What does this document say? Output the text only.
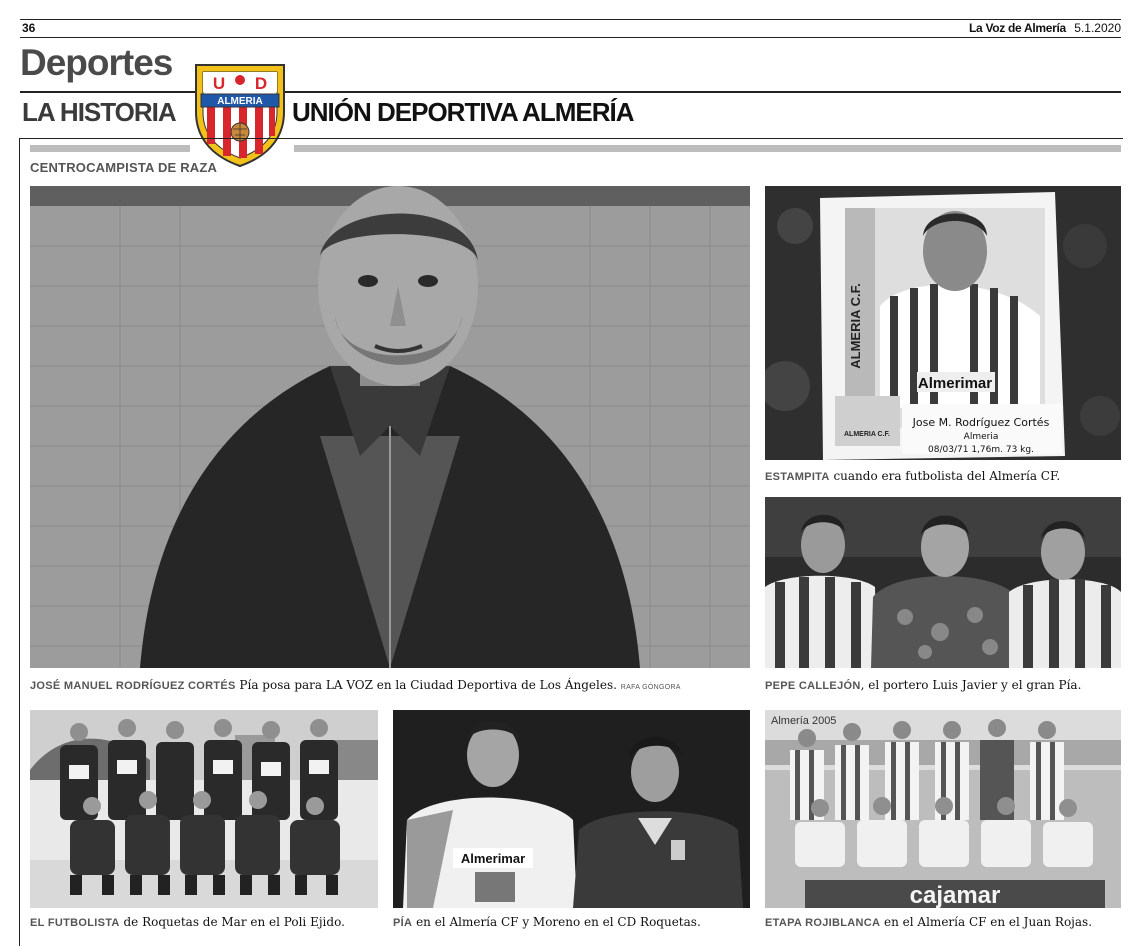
36	La Voz de Almería 5.1.2020
Deportes
LA HISTORIA	UNIÓN DEPORTIVA ALMERÍA
ALMERIA
U D
CENTROCAMPISTA DE RAZA
JOSÉ MANUEL RODRÍGUEZ CORTÉS Pía posa para LA VOZ en la Ciudad Deportiva de Los Ángeles. RAFA GÓNGORA
ALMERIA C.F.
Almerimar
ALMERIA C.F.
Jose M. Rodríguez Cortés
Almeria
08/03/71 1,76m. 73 kg.
ESTAMPITA cuando era futbolista del Almería CF.
PEPE CALLEJÓN, el portero Luis Javier y el gran Pía.
EL FUTBOLISTA de Roquetas de Mar en el Poli Ejido.
Almerimar
PÍA en el Almería CF y Moreno en el CD Roquetas.
Almería 2005
cajamar
ETAPA ROJIBLANCA en el Almería CF en el Juan Rojas.
